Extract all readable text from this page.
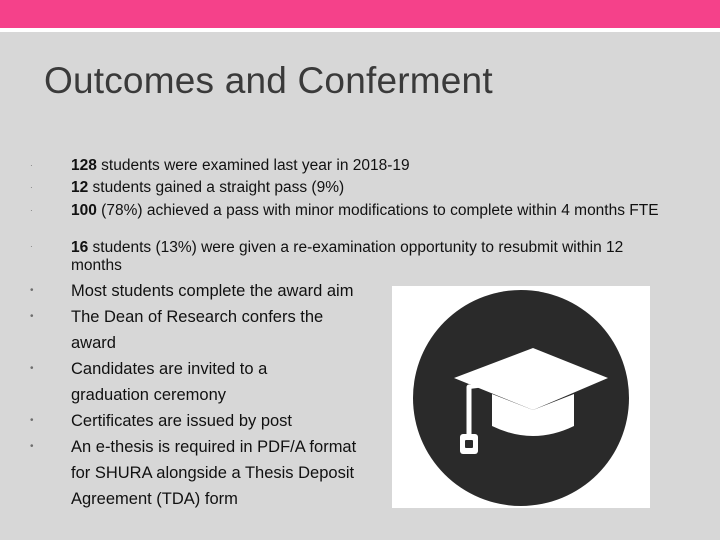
Outcomes and Conferment
· 128 students were examined last year in 2018-19
· 12 students gained a straight pass (9%)
· 100 (78%) achieved a pass with minor modifications to complete within 4 months FTE
· 16 students (13%) were given a re-examination opportunity to resubmit within 12 months
• Most students complete the award aim
• The Dean of Research confers the award
• Candidates are invited to a graduation ceremony
• Certificates are issued by post
• An e-thesis is required in PDF/A format for SHURA alongside a Thesis Deposit Agreement (TDA) form
